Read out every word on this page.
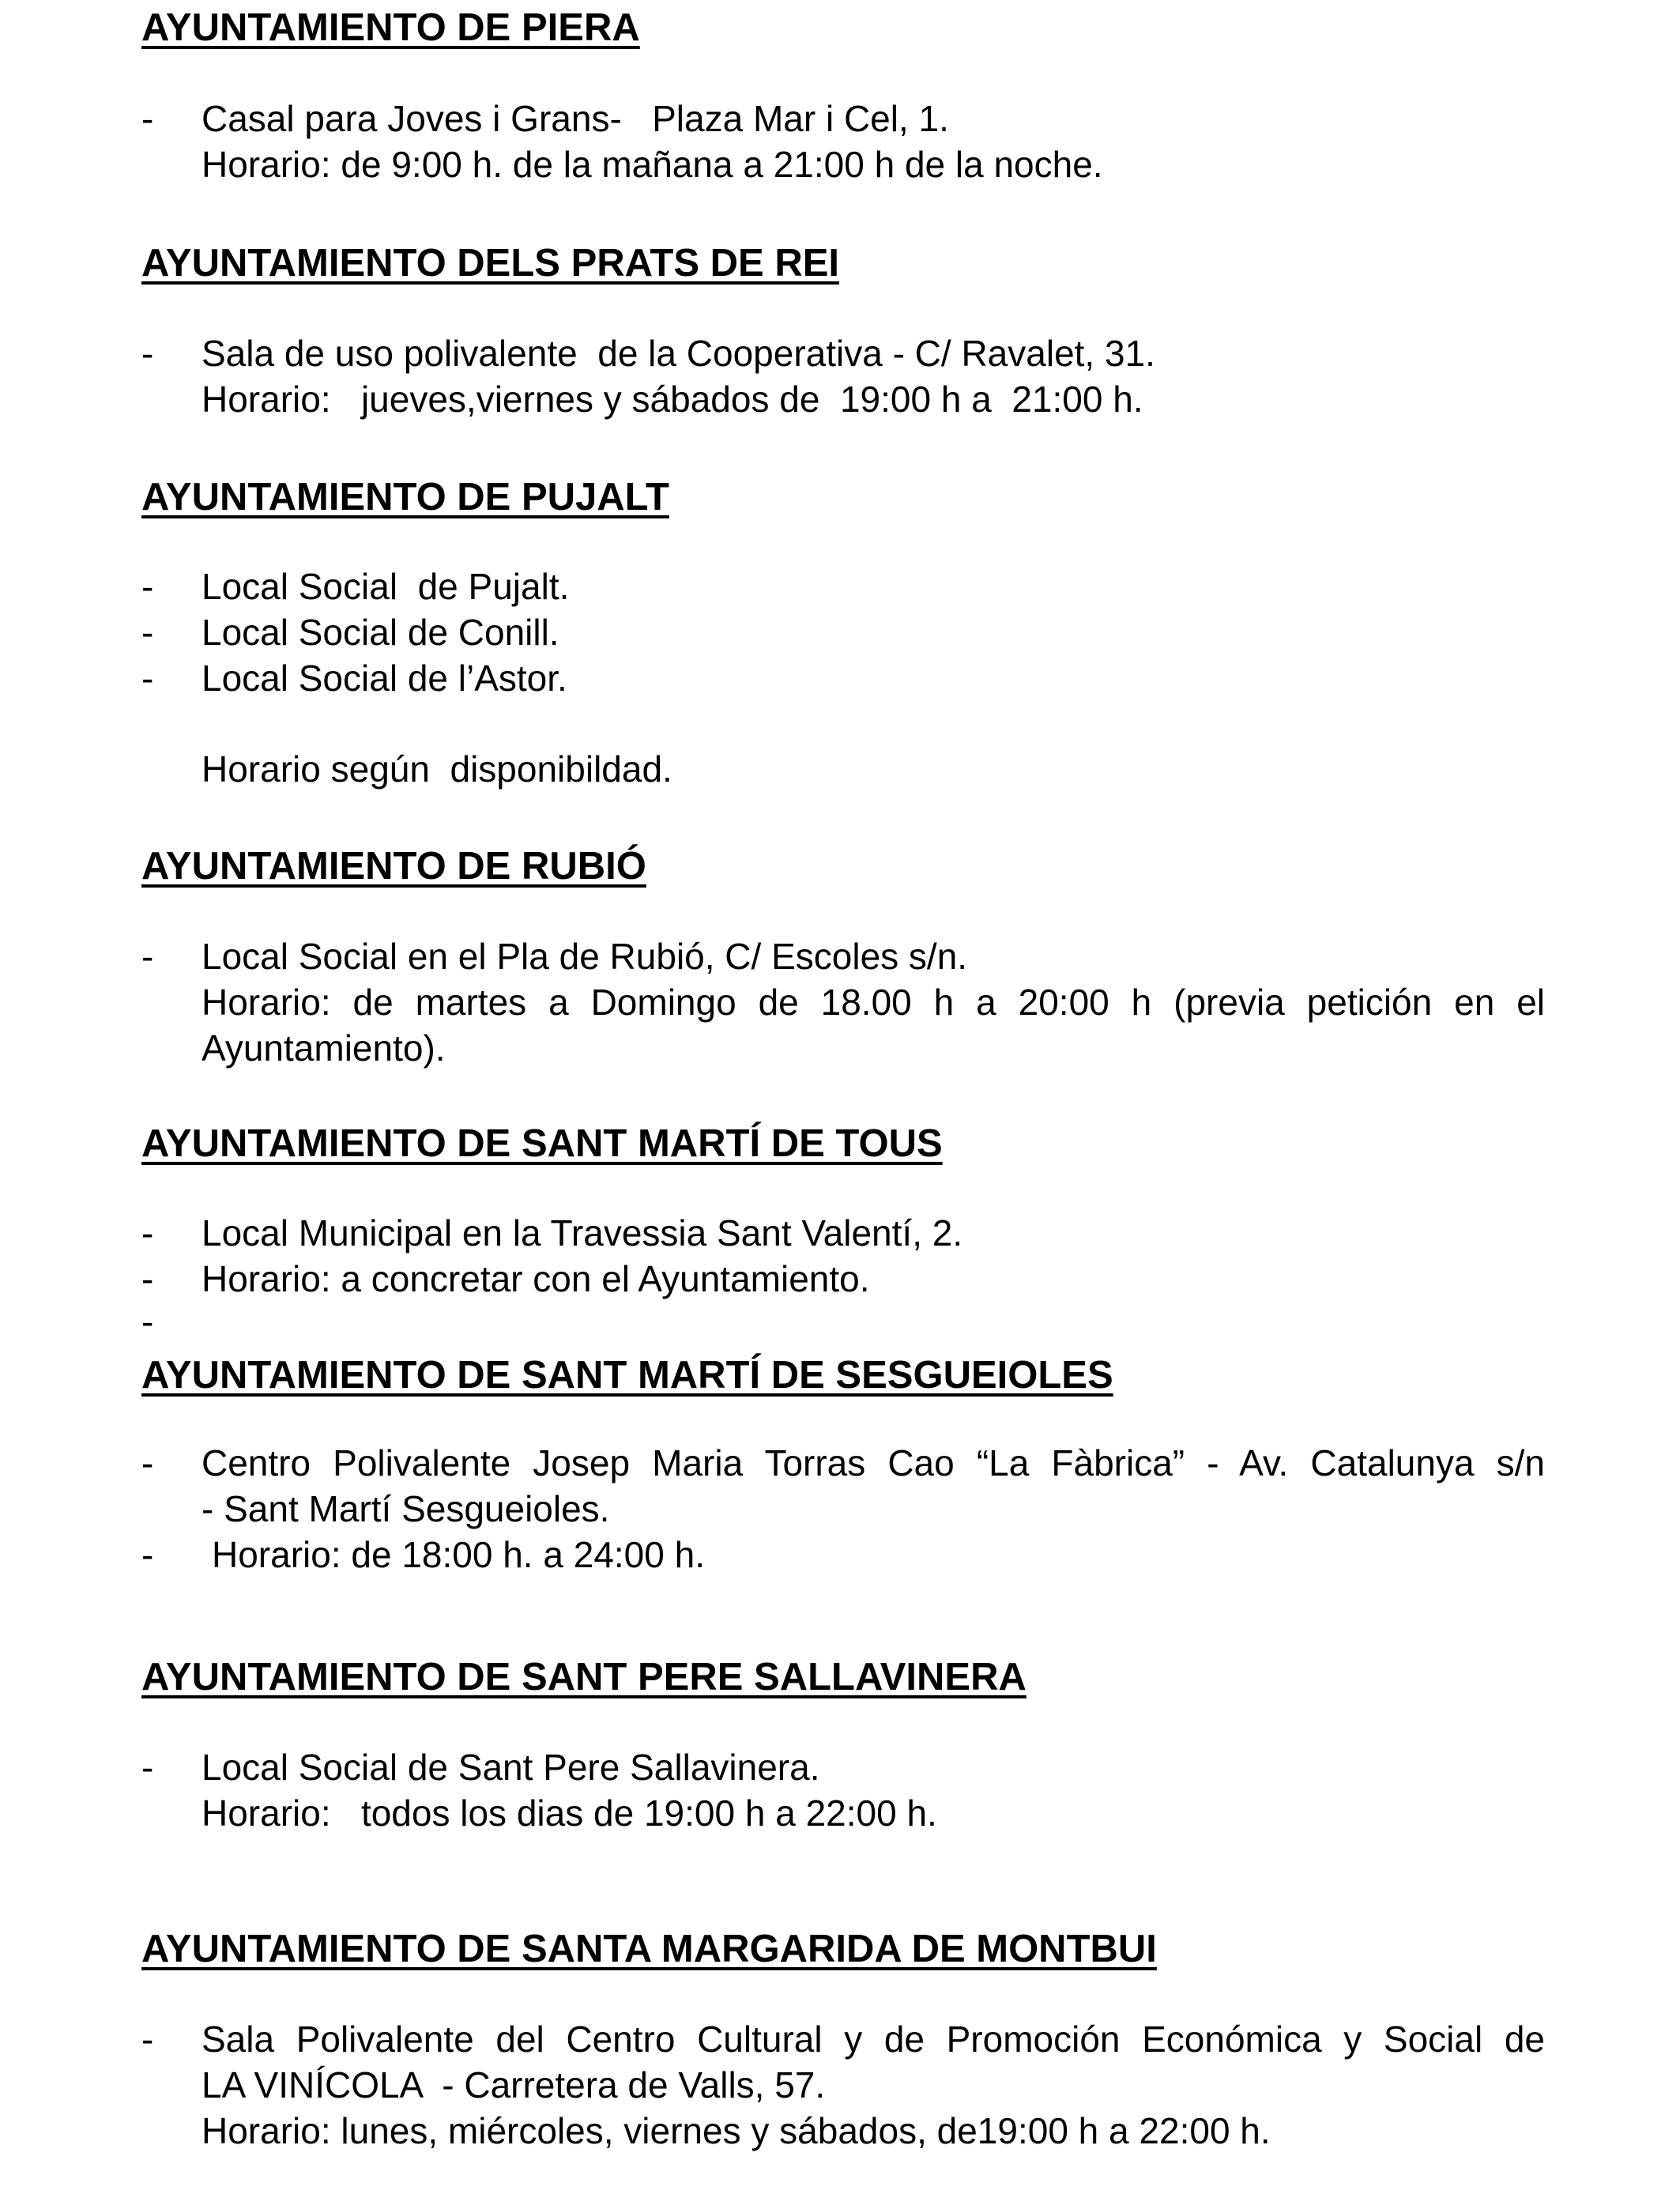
AYUNTAMIENTO DE PIERA
- Casal para Joves i Grans-   Plaza Mar i Cel, 1.
Horario: de 9:00 h. de la mañana a 21:00 h de la noche.
AYUNTAMIENTO DELS PRATS DE REI
- Sala de uso polivalente  de la Cooperativa - C/ Ravalet, 31.
Horario:   jueves,viernes y sábados de  19:00 h a  21:00 h.
AYUNTAMIENTO DE PUJALT
- Local Social  de Pujalt.
- Local Social de Conill.
- Local Social de l’Astor.
Horario según  disponibildad.
AYUNTAMIENTO DE RUBIÓ
- Local Social en el Pla de Rubió, C/ Escoles s/n.
Horario: de martes a Domingo de 18.00 h a 20:00 h (previa petición en el
Ayuntamiento).
AYUNTAMIENTO DE SANT MARTÍ DE TOUS
- Local Municipal en la Travessia Sant Valentí, 2.
- Horario: a concretar con el Ayuntamiento.
-
AYUNTAMIENTO DE SANT MARTÍ DE SESGUEIOLES
- Centro Polivalente Josep Maria Torras Cao “La Fàbrica” - Av. Catalunya s/n
- Sant Martí Sesgueioles.
- Horario: de 18:00 h. a 24:00 h.
AYUNTAMIENTO DE SANT PERE SALLAVINERA
- Local Social de Sant Pere Sallavinera.
Horario:   todos los dias de 19:00 h a 22:00 h.
AYUNTAMIENTO DE SANTA MARGARIDA DE MONTBUI
- Sala Polivalente del Centro Cultural y de Promoción Económica y Social de
LA VINÍCOLA  - Carretera de Valls, 57.
Horario: lunes, miércoles, viernes y sábados, de19:00 h a 22:00 h.
